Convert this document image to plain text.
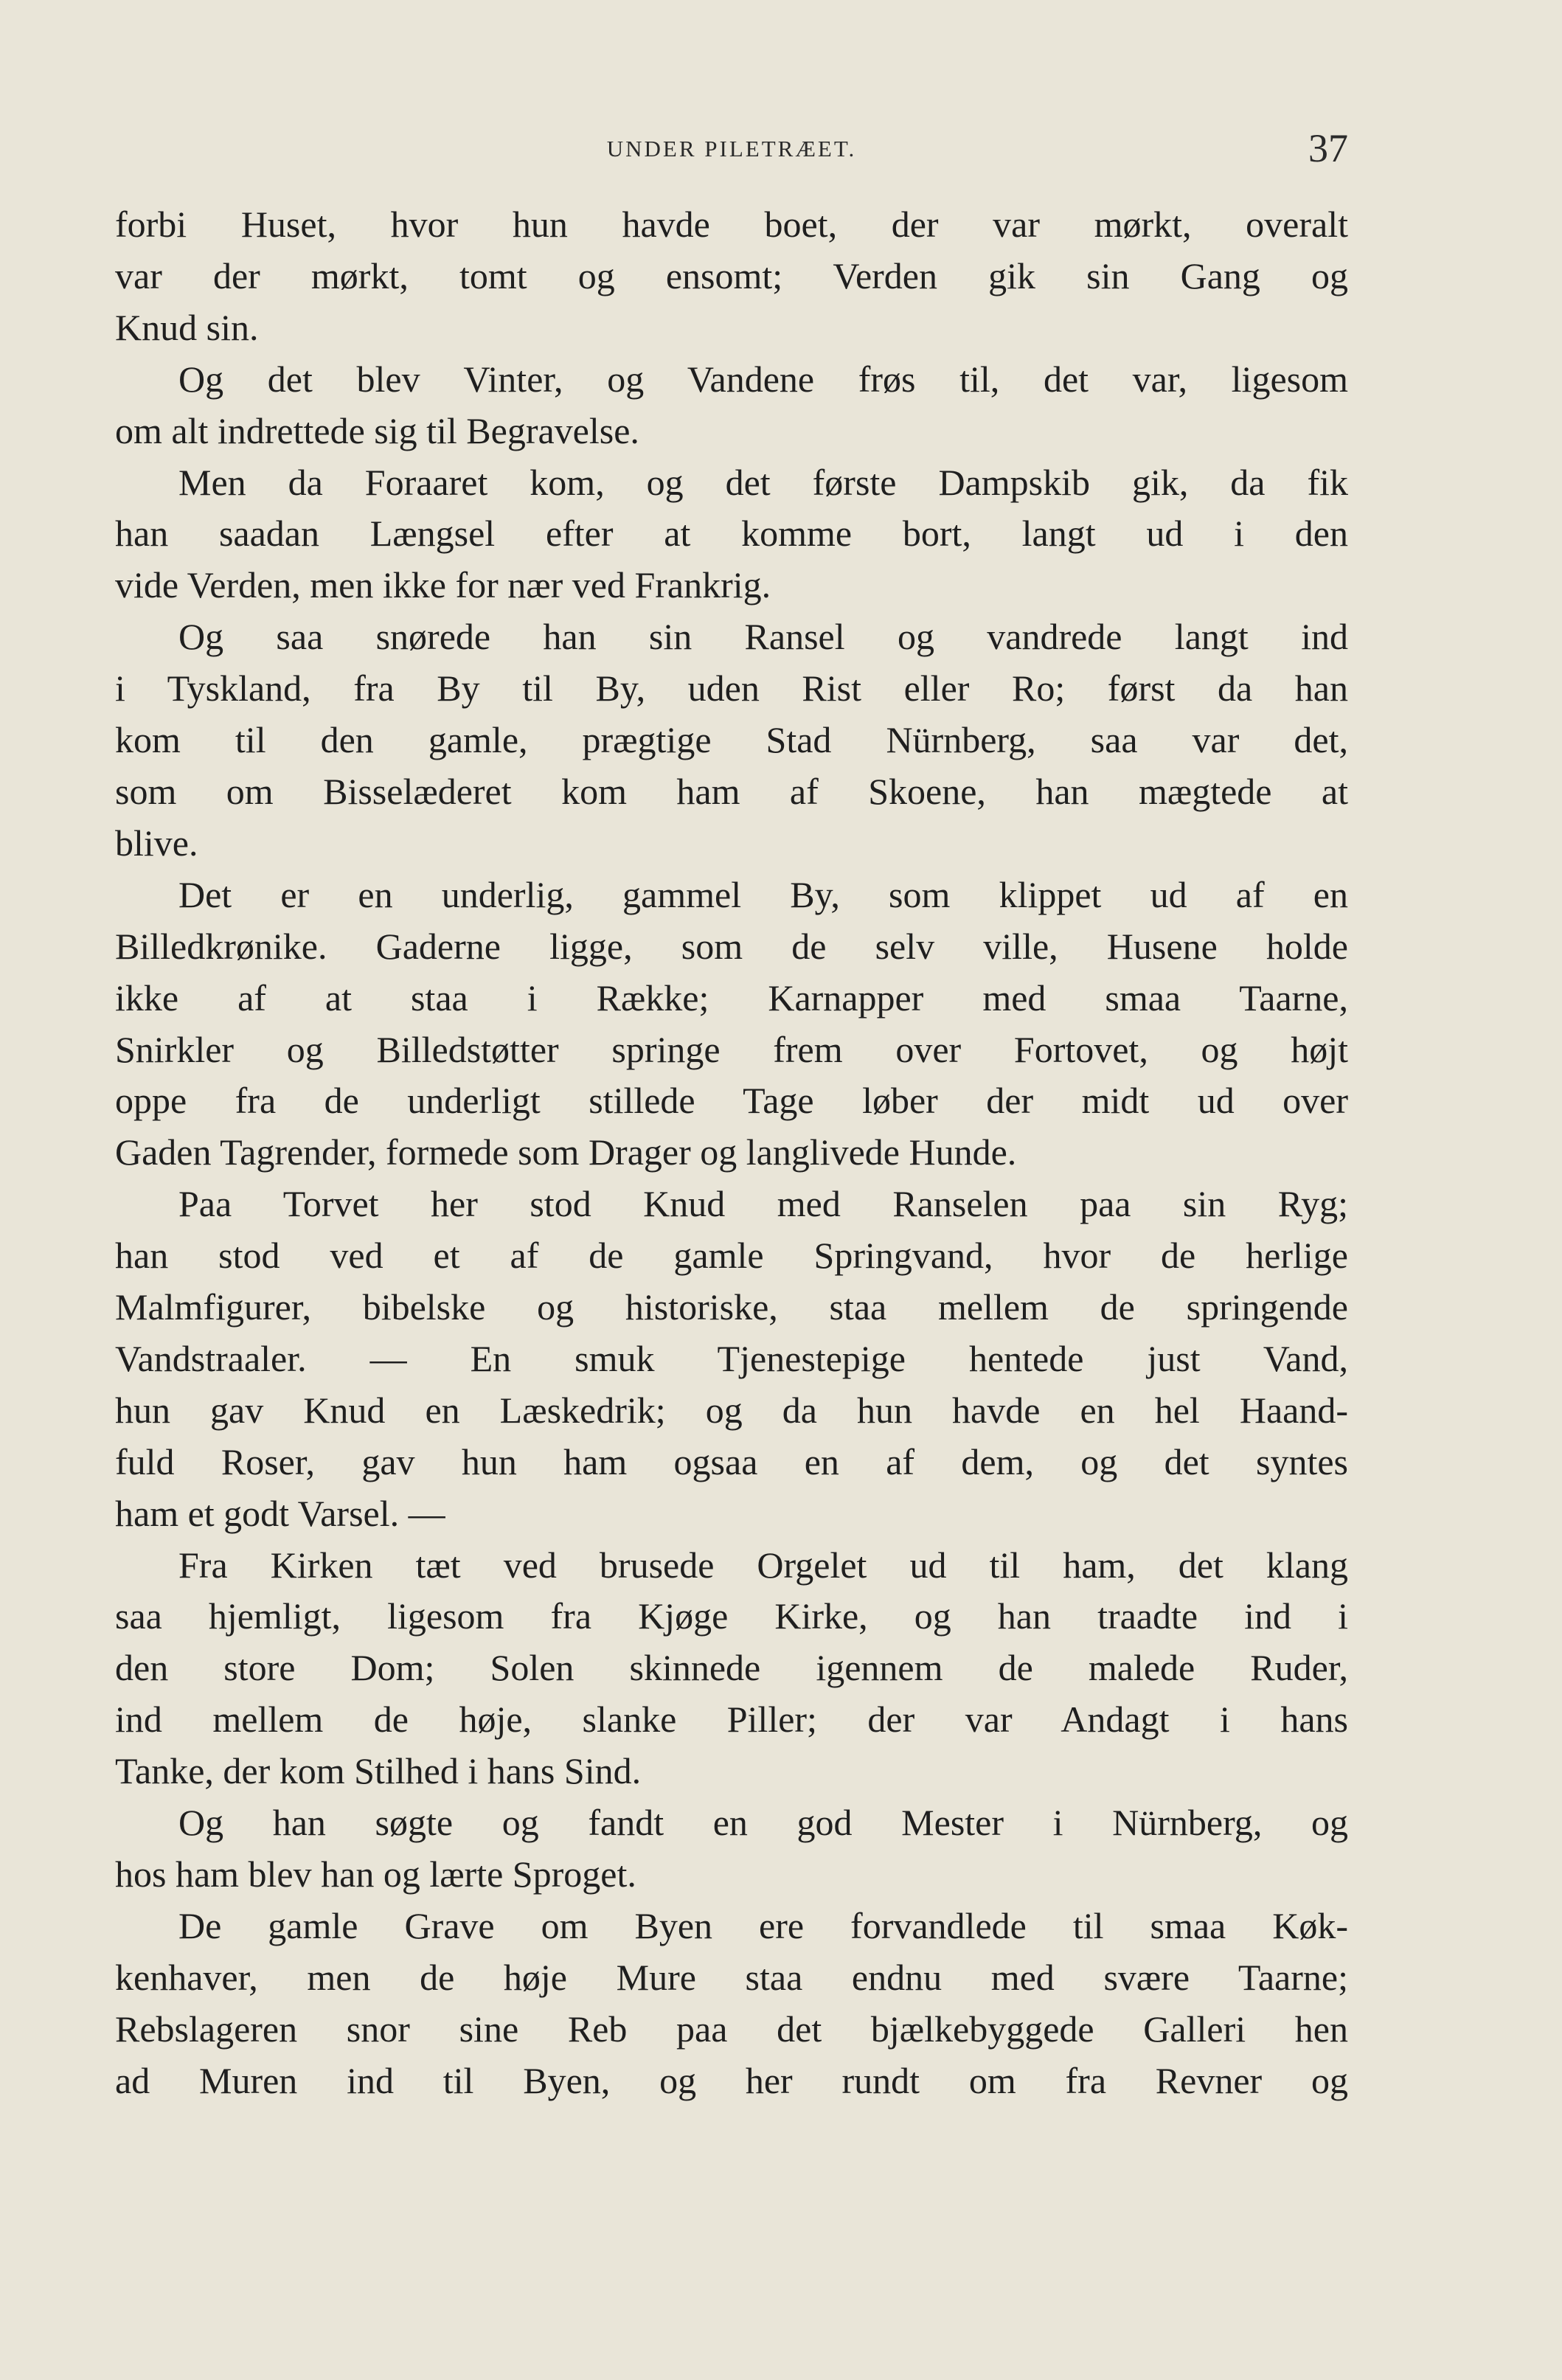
UNDER PILETRÆET.	37
forbi Huset, hvor hun havde boet, der var mørkt, overalt
var der mørkt, tomt og ensomt; Verden gik sin Gang og
Knud sin.
Og det blev Vinter, og Vandene frøs til, det var, ligesom
om alt indrettede sig til Begravelse.
Men da Foraaret kom, og det første Dampskib gik, da fik
han saadan Længsel efter at komme bort, langt ud i den
vide Verden, men ikke for nær ved Frankrig.
Og saa snørede han sin Ransel og vandrede langt ind
i Tyskland, fra By til By, uden Rist eller Ro; først da han
kom til den gamle, prægtige Stad Nürnberg, saa var det,
som om Bisselæderet kom ham af Skoene, han mægtede at
blive.
Det er en underlig, gammel By, som klippet ud af en
Billedkrønike. Gaderne ligge, som de selv ville, Husene holde
ikke af at staa i Række; Karnapper med smaa Taarne,
Snirkler og Billedstøtter springe frem over Fortovet, og højt
oppe fra de underligt stillede Tage løber der midt ud over
Gaden Tagrender, formede som Drager og langlivede Hunde.
Paa Torvet her stod Knud med Ranselen paa sin Ryg;
han stod ved et af de gamle Springvand, hvor de herlige
Malmfigurer, bibelske og historiske, staa mellem de springende
Vandstraaler. — En smuk Tjenestepige hentede just Vand,
hun gav Knud en Læskedrik; og da hun havde en hel Haand-
fuld Roser, gav hun ham ogsaa en af dem, og det syntes
ham et godt Varsel. —
Fra Kirken tæt ved brusede Orgelet ud til ham, det klang
saa hjemligt, ligesom fra Kjøge Kirke, og han traadte ind i
den store Dom; Solen skinnede igennem de malede Ruder,
ind mellem de høje, slanke Piller; der var Andagt i hans
Tanke, der kom Stilhed i hans Sind.
Og han søgte og fandt en god Mester i Nürnberg, og
hos ham blev han og lærte Sproget.
De gamle Grave om Byen ere forvandlede til smaa Køk-
kenhaver, men de høje Mure staa endnu med svære Taarne;
Rebslageren snor sine Reb paa det bjælkebyggede Galleri hen
ad Muren ind til Byen, og her rundt om fra Revner og
